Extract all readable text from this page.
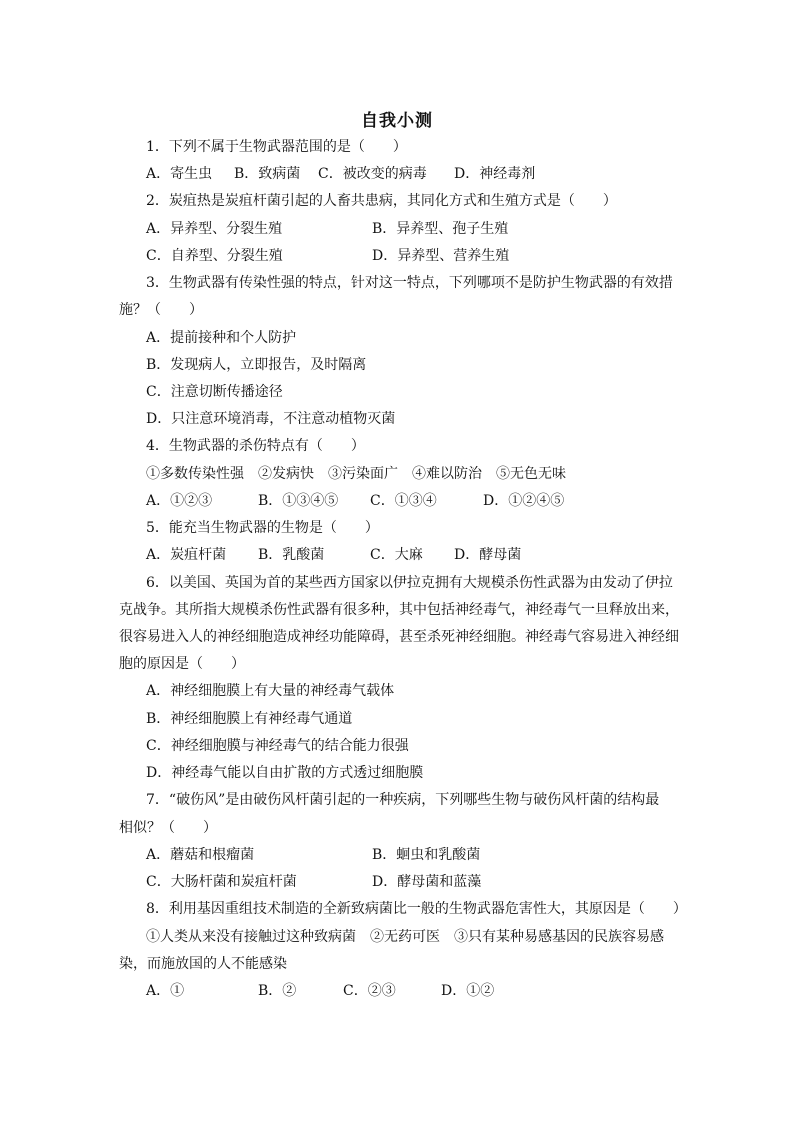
自我小测
1．下列不属于生物武器范围的是（　　）
A．寄生虫 B．致病菌 C．被改变的病毒 D．神经毒剂
2．炭疽热是炭疽杆菌引起的人畜共患病，其同化方式和生殖方式是（　　）
A．异养型、分裂生殖	B．异养型、孢子生殖
C．自养型、分裂生殖	D．异养型、营养生殖
3．生物武器有传染性强的特点，针对这一特点，下列哪项不是防护生物武器的有效措
施？（　　）
A．提前接种和个人防护
B．发现病人，立即报告，及时隔离
C．注意切断传播途径
D．只注意环境消毒，不注意动植物灭菌
4．生物武器的杀伤特点有（　　）
①多数传染性强　②发病快　③污染面广　④难以防治　⑤无色无味
A．①②③	B．①③④⑤ C．①③④	D．①②④⑤
5．能充当生物武器的生物是（　　）
A．炭疽杆菌 B．乳酸菌	C．大麻 D．酵母菌
6．以美国、英国为首的某些西方国家以伊拉克拥有大规模杀伤性武器为由发动了伊拉
克战争。其所指大规模杀伤性武器有很多种，其中包括神经毒气，神经毒气一旦释放出来，
很容易进入人的神经细胞造成神经功能障碍，甚至杀死神经细胞。神经毒气容易进入神经细
胞的原因是（　　）
A．神经细胞膜上有大量的神经毒气载体
B．神经细胞膜上有神经毒气通道
C．神经细胞膜与神经毒气的结合能力很强
D．神经毒气能以自由扩散的方式透过细胞膜
7．“破伤风”是由破伤风杆菌引起的一种疾病，下列哪些生物与破伤风杆菌的结构最
相似？（　　）
A．蘑菇和根瘤菌	B．蛔虫和乳酸菌
C．大肠杆菌和炭疽杆菌	D．酵母菌和蓝藻
8．利用基因重组技术制造的全新致病菌比一般的生物武器危害性大，其原因是（　　）
①人类从来没有接触过这种致病菌　②无药可医　③只有某种易感基因的民族容易感
染，而施放国的人不能感染
A．①	B．②	C．②③	D．①②
